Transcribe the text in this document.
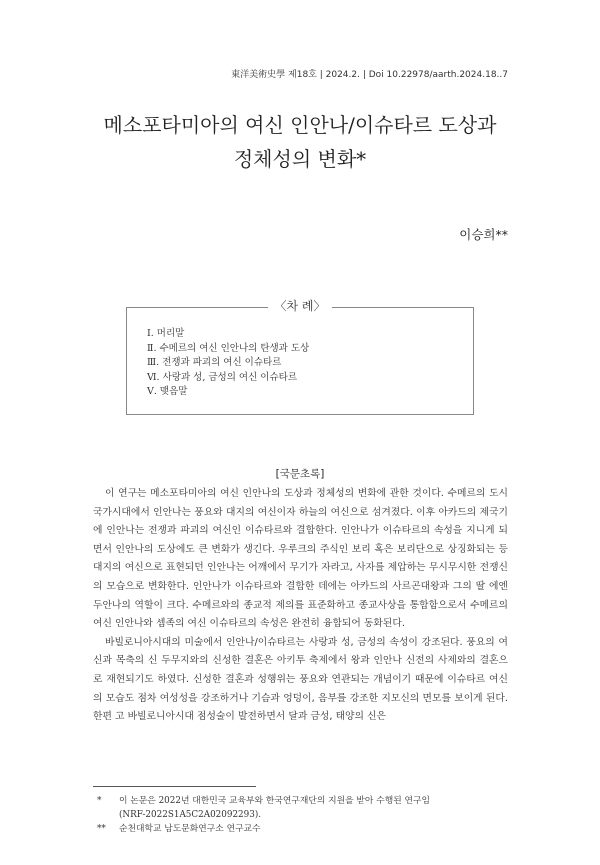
東洋美術史學 제18호 | 2024.2. | Doi 10.22978/aarth.2024.18..7
메소포타미아의 여신 인안나/이슈타르 도상과
정체성의 변화*
이승희**
〈차 례〉
Ⅰ. 머리말
Ⅱ. 수메르의 여신 인안나의 탄생과 도상
Ⅲ. 전쟁과 파괴의 여신 이슈타르
Ⅵ. 사랑과 성, 금성의 여신 이슈타르
Ⅴ. 맺음말
[국문초록]

이 연구는 메소포타미아의 여신 인안나의 도상과 정체성의 변화에 관한 것이다. 수메르의 도시국가시대에서 인안나는 풍요와 대지의 여신이자 하늘의 여신으로 섬겨졌다. 이후 아카드의 제국기에 인안나는 전쟁과 파괴의 여신인 이슈타르와 결합한다. 인안나가 이슈타르의 속성을 지니게 되면서 인안나의 도상에도 큰 변화가 생긴다. 우루크의 주식인 보리 혹은 보리단으로 상징화되는 등 대지의 여신으로 표현되던 인안나는 어깨에서 무기가 자라고, 사자를 제압하는 무시무시한 전쟁신의 모습으로 변화한다. 인안나가 이슈타르와 결합한 데에는 아카드의 사르곤대왕과 그의 딸 에엔두안나의 역할이 크다. 수메르와의 종교적 제의를 표준화하고 종교사상을 통합함으로서 수메르의 여신 인안나와 셈족의 여신 이슈타르의 속성은 완전히 융합되어 동화된다.

바빌로니아시대의 미술에서 인안나/이슈타르는 사랑과 성, 금성의 속성이 강조된다. 풍요의 여신과 목축의 신 두무지와의 신성한 결혼은 아키투 축제에서 왕과 인안나 신전의 사제와의 결혼으로 재현되기도 하였다. 신성한 결혼과 성행위는 풍요와 연관되는 개념이기 때문에 이슈타르 여신의 모습도 점차 여성성을 강조하거나 기슴과 엉덩이, 음부를 강조한 지모신의 면모를 보이게 된다. 한편 고 바빌로니아시대 점성술이 발전하면서 달과 금성, 태양의 신은

* 이 논문은 2022년 대한민국 교육부와 한국연구재단의 지원을 받아 수행된 연구임
(NRF-2022S1A5C2A02092293).
** 순천대학교 남도문화연구소 연구교수
